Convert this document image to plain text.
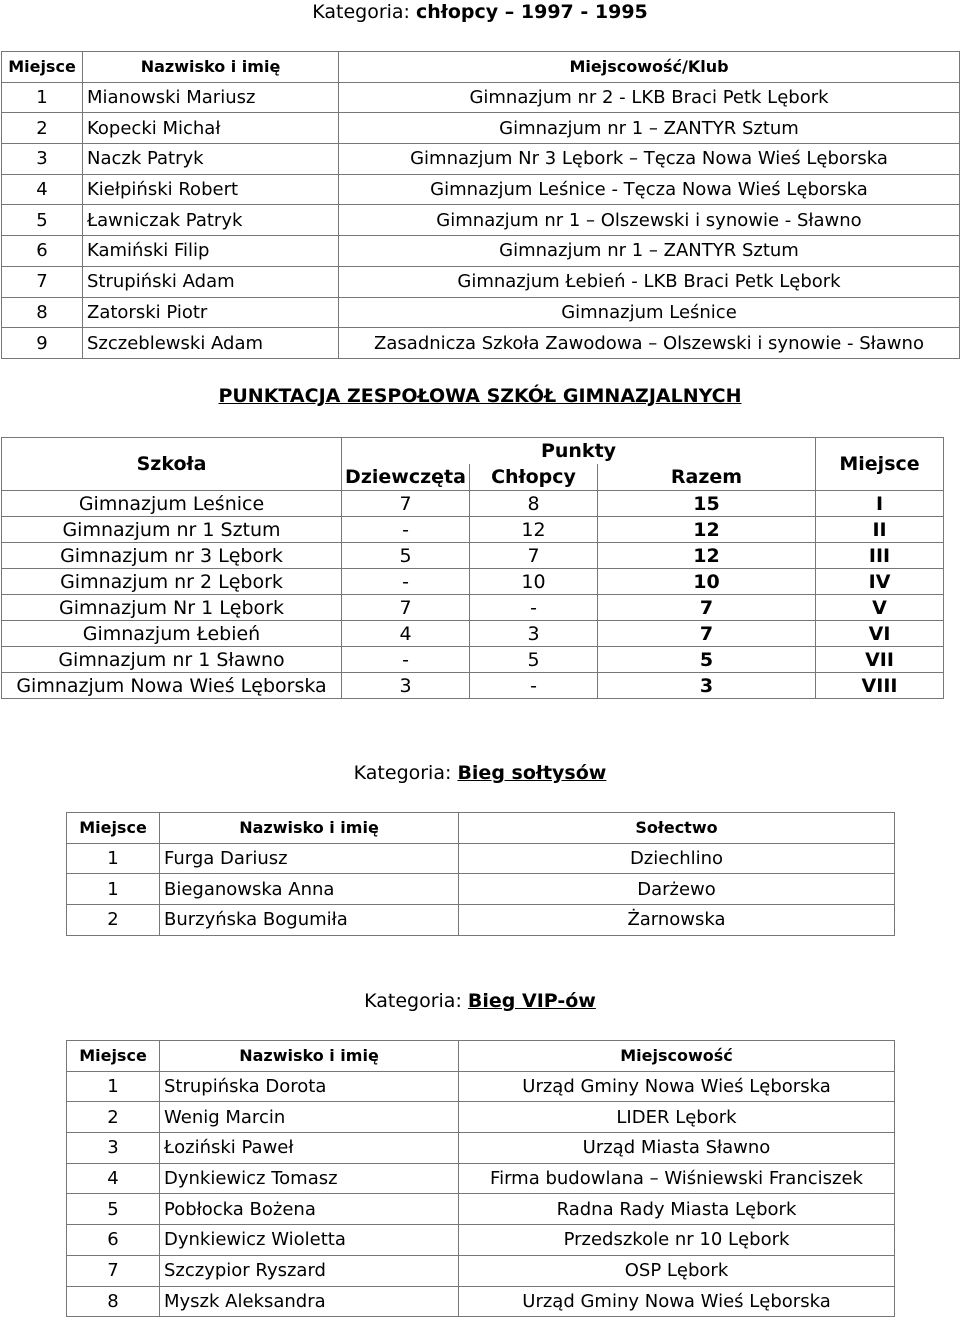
Kategoria: chłopcy – 1997 - 1995
Miejsce	Nazwisko i imię	Miejscowość/Klub
1	Mianowski Mariusz	Gimnazjum nr 2 - LKB Braci Petk Lębork
2	Kopecki Michał	Gimnazjum nr 1 – ZANTYR Sztum
3	Naczk Patryk	Gimnazjum Nr 3 Lębork – Tęcza Nowa Wieś Lęborska
4	Kiełpiński Robert	Gimnazjum Leśnice - Tęcza Nowa Wieś Lęborska
5	Ławniczak Patryk	Gimnazjum nr 1 – Olszewski i synowie - Sławno
6	Kamiński Filip	Gimnazjum nr 1 – ZANTYR Sztum
7	Strupiński Adam	Gimnazjum Łebień - LKB Braci Petk Lębork
8	Zatorski Piotr	Gimnazjum Leśnice
9	Szczeblewski Adam	Zasadnicza Szkoła Zawodowa – Olszewski i synowie - Sławno
PUNKTACJA ZESPOŁOWA SZKÓŁ GIMNAZJALNYCH
Szkoła	Punkty			Miejsce
	Dziewczęta	Chłopcy	Razem	
Gimnazjum Leśnice	7	8	15	I
Gimnazjum nr 1 Sztum	-	12	12	II
Gimnazjum nr 3 Lębork	5	7	12	III
Gimnazjum nr 2 Lębork	-	10	10	IV
Gimnazjum Nr 1 Lębork	7	-	7	V
Gimnazjum Łebień	4	3	7	VI
Gimnazjum nr 1 Sławno	-	5	5	VII
Gimnazjum Nowa Wieś Lęborska	3	-	3	VIII
Kategoria: Bieg sołtysów
Miejsce	Nazwisko i imię	Sołectwo
1	Furga Dariusz	Dziechlino
1	Bieganowska Anna	Darżewo
2	Burzyńska Bogumiła	Żarnowska
Kategoria: Bieg VIP-ów
Miejsce	Nazwisko i imię	Miejscowość
1	Strupińska Dorota	Urząd Gminy Nowa Wieś Lęborska
2	Wenig Marcin	LIDER Lębork
3	Łoziński Paweł	Urząd Miasta Sławno
4	Dynkiewicz Tomasz	Firma budowlana – Wiśniewski Franciszek
5	Pobłocka Bożena	Radna Rady Miasta Lębork
6	Dynkiewicz Wioletta	Przedszkole nr 10 Lębork
7	Szczypior Ryszard	OSP Lębork
8	Myszk Aleksandra	Urząd Gminy Nowa Wieś Lęborska
